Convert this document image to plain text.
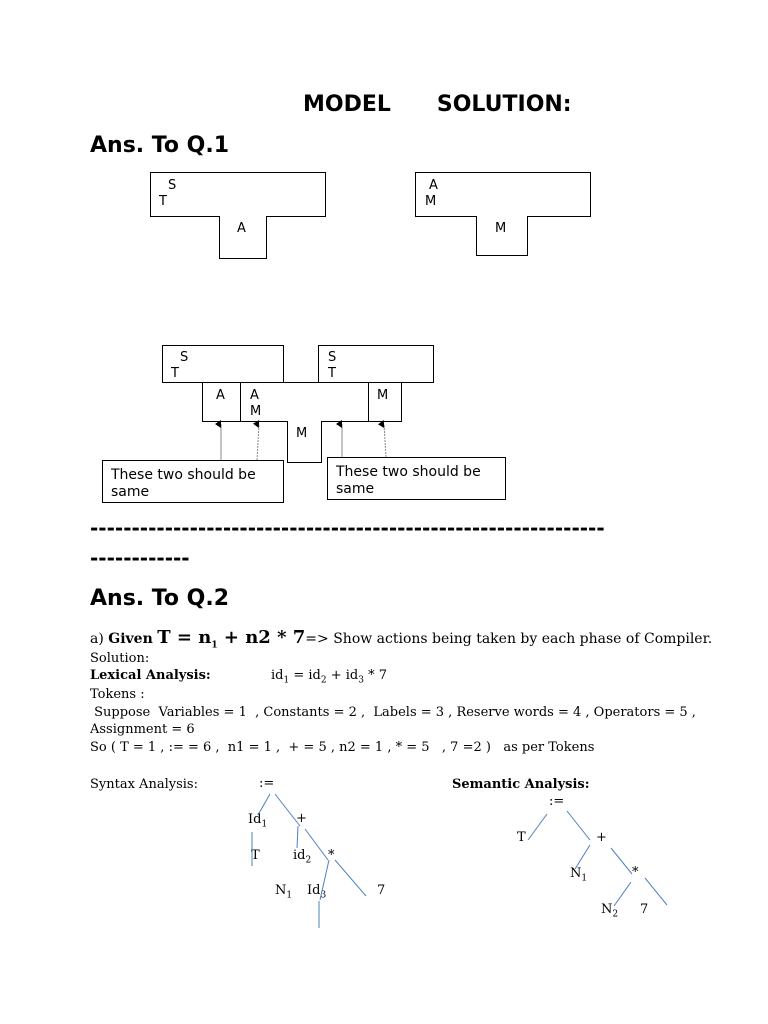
MODEL      SOLUTION:
Ans. To Q.1
S
T
A
A
M
M
S
T
S
T
A A
M
M
M
These two should be same
These two should be same
--------------------------------------------------------------
------------
Ans. To Q.2
a) Given $T = n_1 + n2 * 7=>$ Show actions being taken by each phase of Compiler.
Solution:
Lexical Analysis:	$id_1 = id_2 + id_3 * 7$
Tokens :
Suppose  Variables = 1  , Constants = 2 ,  Labels = 3 , Reserve words = 4 , Operators = 5 ,
Assignment = 6
So ( T = 1 , := = 6 ,  n1 = 1 ,  + = 5 , n2 = 1 , * = 5   , 7 =2 )   as per Tokens
Syntax Analysis:	:=
$Id_1$ +
T	$id_2$ *
$N_1$ $Id_3$	7
Semantic Analysis:
:=
T	+
$N_1$	*
$N_2$ 7
